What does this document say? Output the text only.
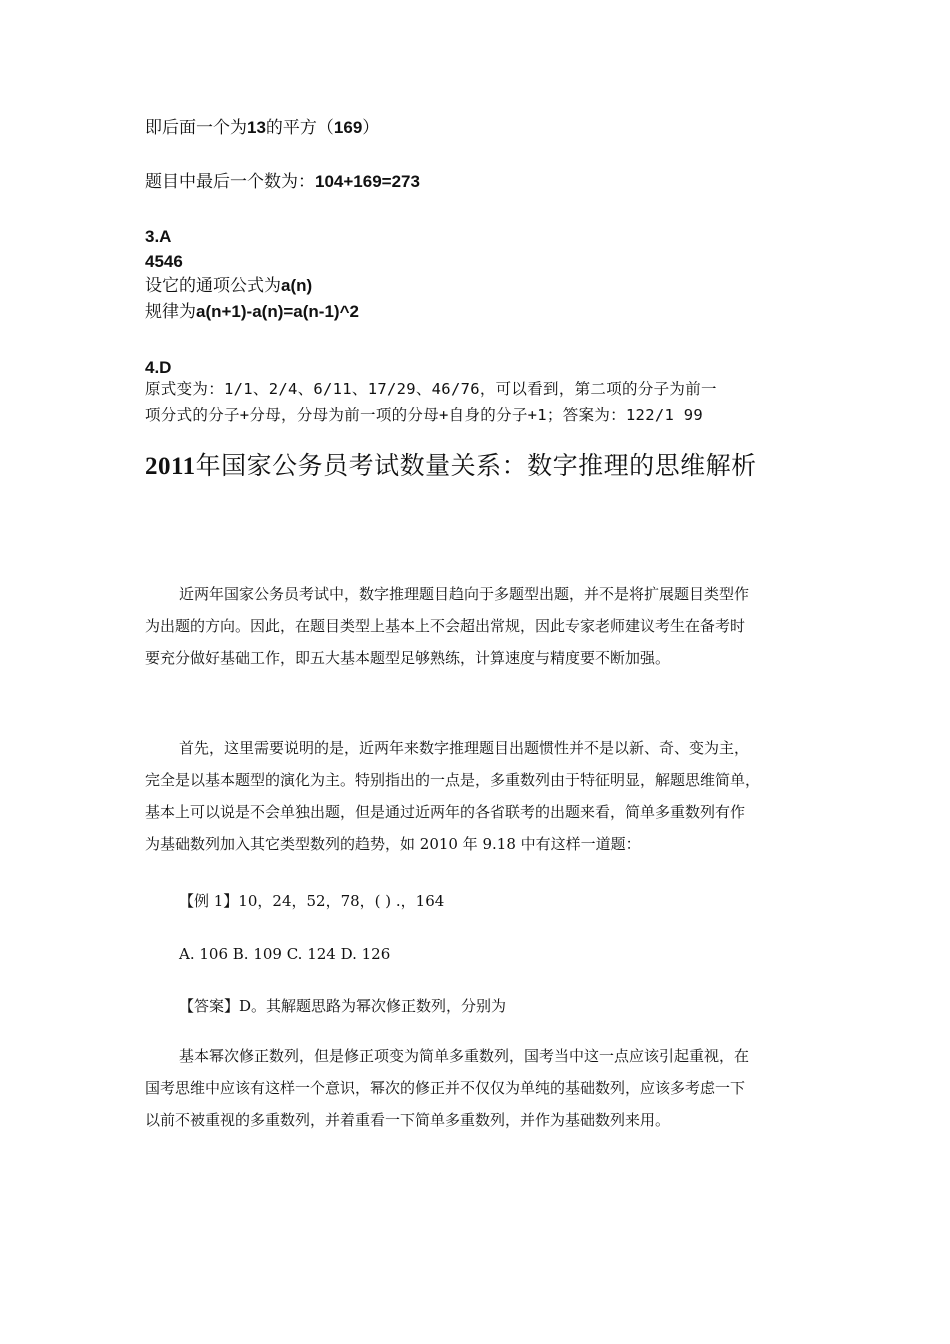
即后面一个为13的平方（169）
题目中最后一个数为：104+169=273
3.A
4546
设它的通项公式为a(n)
规律为a(n+1)-a(n)=a(n-1)^2
4.D
原式变为：1/1、2/4、6/11、17/29、46/76，可以看到，第二项的分子为前一
项分式的分子+分母，分母为前一项的分母+自身的分子+1；答案为：122/1 99
2011年国家公务员考试数量关系：数字推理的思维解析
近两年国家公务员考试中，数字推理题目趋向于多题型出题，并不是将扩展题目类型作
为出题的方向。因此，在题目类型上基本上不会超出常规，因此专家老师建议考生在备考时
要充分做好基础工作，即五大基本题型足够熟练，计算速度与精度要不断加强。
首先，这里需要说明的是，近两年来数字推理题目出题惯性并不是以新、奇、变为主，
完全是以基本题型的演化为主。特别指出的一点是，多重数列由于特征明显，解题思维简单，
基本上可以说是不会单独出题，但是通过近两年的各省联考的出题来看，简单多重数列有作
为基础数列加入其它类型数列的趋势，如 2010 年 9.18 中有这样一道题：
【例 1】10，24，52，78，( ) .，164
A. 106 B. 109 C. 124 D. 126
【答案】D。其解题思路为幂次修正数列，分别为
基本幂次修正数列，但是修正项变为简单多重数列，国考当中这一点应该引起重视，在
国考思维中应该有这样一个意识，幂次的修正并不仅仅为单纯的基础数列，应该多考虑一下
以前不被重视的多重数列，并着重看一下简单多重数列，并作为基础数列来用。
